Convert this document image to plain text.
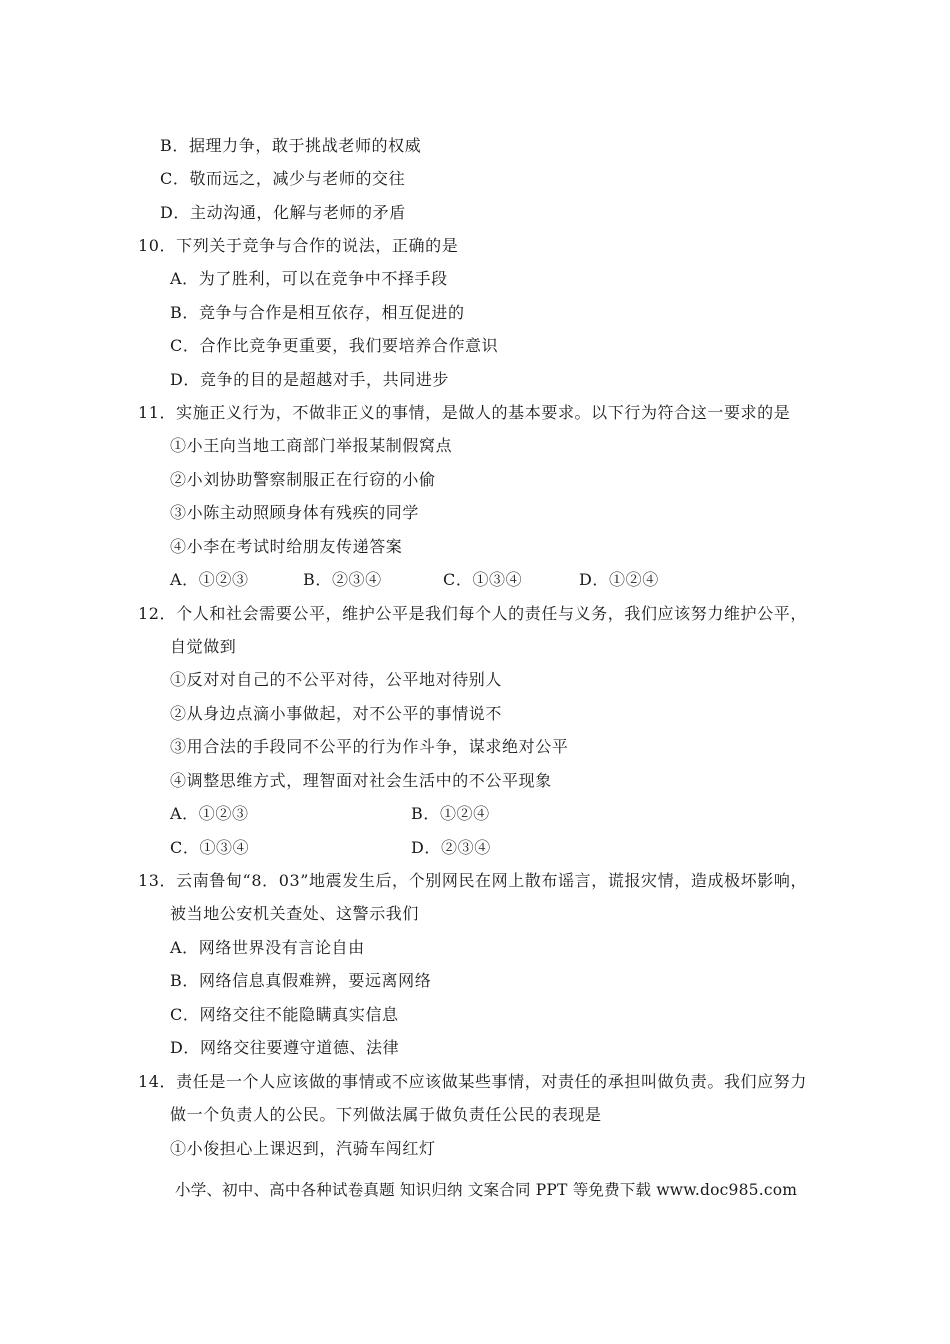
B．据理力争，敢于挑战老师的权威
C．敬而远之，减少与老师的交往
D．主动沟通，化解与老师的矛盾
10．下列关于竞争与合作的说法，正确的是
A．为了胜利，可以在竞争中不择手段
B．竞争与合作是相互依存，相互促进的
C．合作比竞争更重要，我们要培养合作意识
D．竞争的目的是超越对手，共同进步
11．实施正义行为，不做非正义的事情，是做人的基本要求。以下行为符合这一要求的是
①小王向当地工商部门举报某制假窝点
②小刘协助警察制服正在行窃的小偷
③小陈主动照顾身体有残疾的同学
④小李在考试时给朋友传递答案
A．①②③	B．②③④	C．①③④	D．①②④
12．个人和社会需要公平，维护公平是我们每个人的责任与义务，我们应该努力维护公平，
自觉做到
①反对对自己的不公平对待，公平地对待别人
②从身边点滴小事做起，对不公平的事情说不
③用合法的手段同不公平的行为作斗争，谋求绝对公平
④调整思维方式，理智面对社会生活中的不公平现象
A．①②③	B．①②④
C．①③④	D．②③④
13．云南鲁甸“8．03”地震发生后，个别网民在网上散布谣言，谎报灾情，造成极坏影响，
被当地公安机关查处、这警示我们
A．网络世界没有言论自由
B．网络信息真假难辨，要远离网络
C．网络交往不能隐瞒真实信息
D．网络交往要遵守道德、法律
14．责任是一个人应该做的事情或不应该做某些事情，对责任的承担叫做负责。我们应努力
做一个负责人的公民。下列做法属于做负责任公民的表现是
①小俊担心上课迟到，汽骑车闯红灯
小学、初中、高中各种试卷真题 知识归纳 文案合同 PPT 等免费下载 www.doc985.com
